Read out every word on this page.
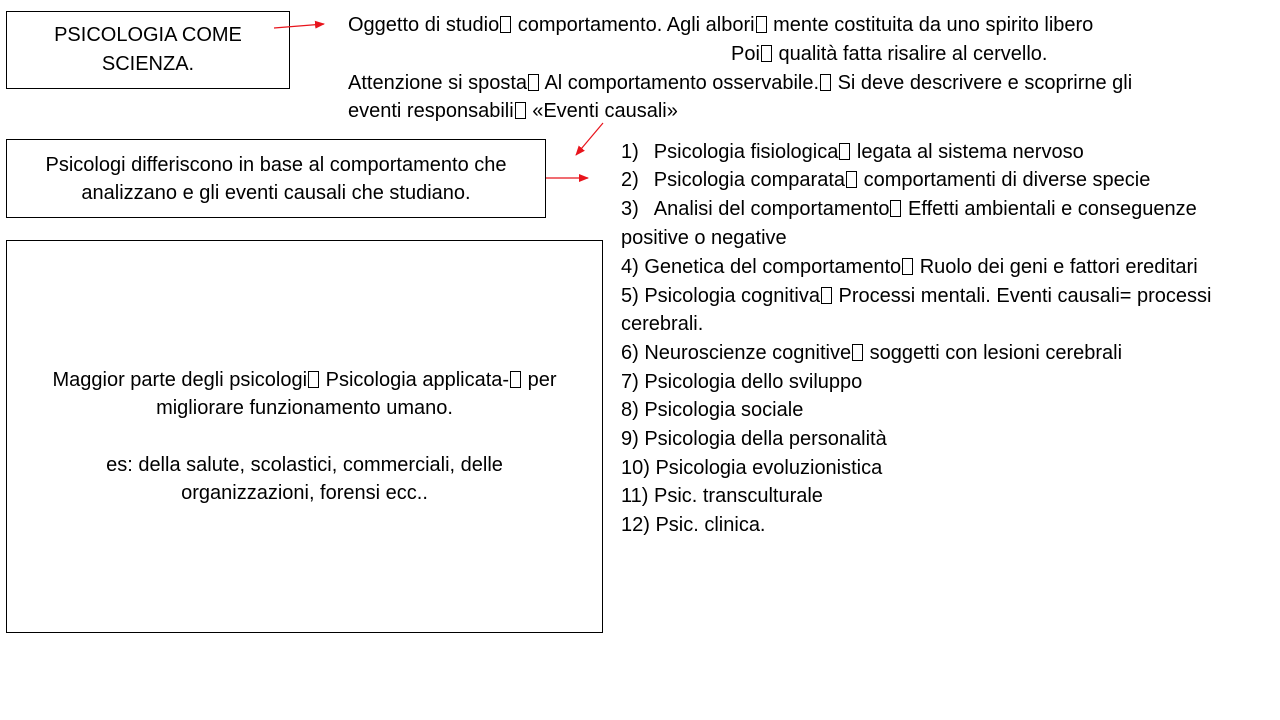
PSICOLOGIA COME
SCIENZA.
Oggetto di studio comportamento. Agli albori mente costituita da uno spirito libero
Poi qualità fatta risalire al cervello.
Attenzione si sposta Al comportamento osservabile. Si deve descrivere e scoprirne gli
eventi responsabili «Eventi causali»
Psicologi differiscono in base al comportamento che
analizzano e gli eventi causali che studiano.
Maggior parte degli psicologi Psicologia applicata- per
migliorare funzionamento umano.
es: della salute, scolastici, commerciali, delle
organizzazioni, forensi ecc..
1) Psicologia fisiologica legata al sistema nervoso
2) Psicologia comparata comportamenti di diverse specie
3) Analisi del comportamento Effetti ambientali e conseguenze
positive o negative
4) Genetica del comportamento Ruolo dei geni e fattori ereditari
5) Psicologia cognitiva Processi mentali. Eventi causali= processi
cerebrali.
6) Neuroscienze cognitive soggetti con lesioni cerebrali
7) Psicologia dello sviluppo
8) Psicologia sociale
9) Psicologia della personalità
10) Psicologia evoluzionistica
11) Psic. transculturale
12) Psic. clinica.
